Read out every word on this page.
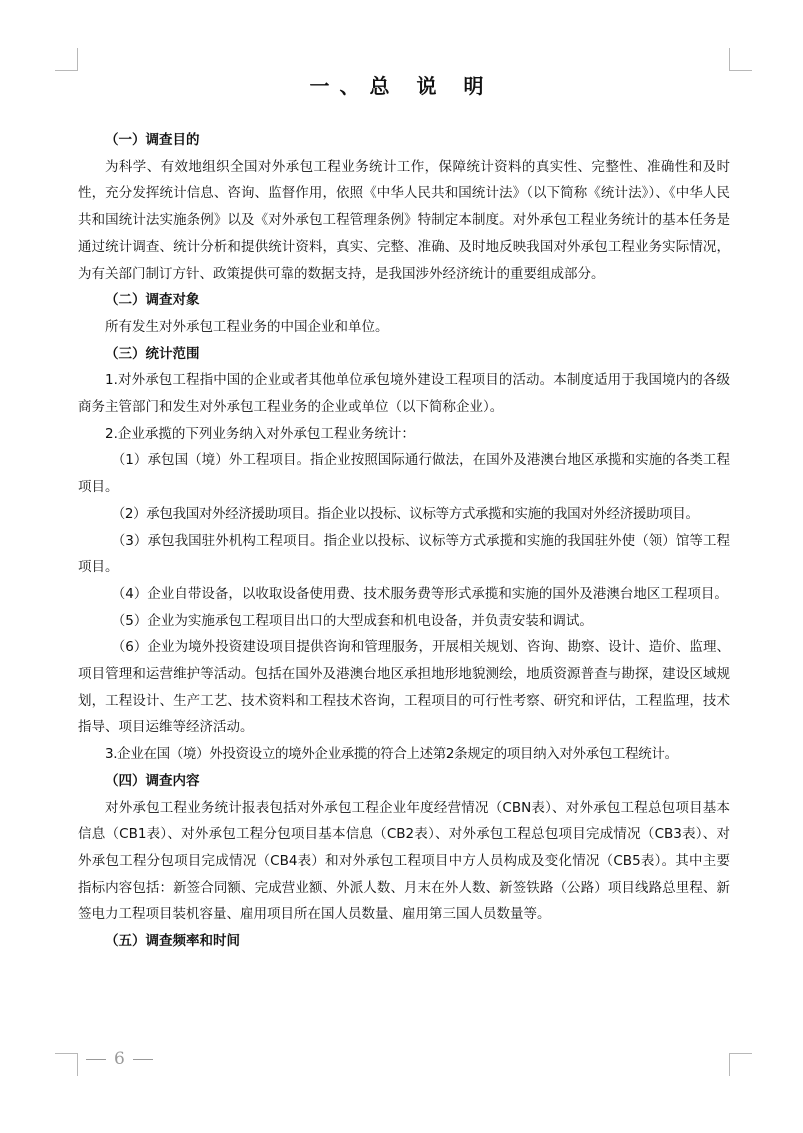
一、总 说 明
（一）调查目的

为科学、有效地组织全国对外承包工程业务统计工作，保障统计资料的真实性、完整性、准确性和及时性，充分发挥统计信息、咨询、监督作用，依照《中华人民共和国统计法》（以下简称《统计法》）、《中华人民共和国统计法实施条例》以及《对外承包工程管理条例》特制定本制度。对外承包工程业务统计的基本任务是通过统计调查、统计分析和提供统计资料，真实、完整、准确、及时地反映我国对外承包工程业务实际情况，为有关部门制订方针、政策提供可靠的数据支持，是我国涉外经济统计的重要组成部分。

（二）调查对象

所有发生对外承包工程业务的中国企业和单位。

（三）统计范围

1.对外承包工程指中国的企业或者其他单位承包境外建设工程项目的活动。本制度适用于我国境内的各级商务主管部门和发生对外承包工程业务的企业或单位（以下简称企业）。

2.企业承揽的下列业务纳入对外承包工程业务统计：

（1）承包国（境）外工程项目。指企业按照国际通行做法，在国外及港澳台地区承揽和实施的各类工程项目。

（2）承包我国对外经济援助项目。指企业以投标、议标等方式承揽和实施的我国对外经济援助项目。

（3）承包我国驻外机构工程项目。指企业以投标、议标等方式承揽和实施的我国驻外使（领）馆等工程项目。

（4）企业自带设备，以收取设备使用费、技术服务费等形式承揽和实施的国外及港澳台地区工程项目。

（5）企业为实施承包工程项目出口的大型成套和机电设备，并负责安装和调试。

（6）企业为境外投资建设项目提供咨询和管理服务，开展相关规划、咨询、勘察、设计、造价、监理、项目管理和运营维护等活动。包括在国外及港澳台地区承担地形地貌测绘，地质资源普查与勘探，建设区域规划，工程设计、生产工艺、技术资料和工程技术咨询，工程项目的可行性考察、研究和评估，工程监理，技术指导、项目运维等经济活动。

3.企业在国（境）外投资设立的境外企业承揽的符合上述第2条规定的项目纳入对外承包工程统计。

（四）调查内容

对外承包工程业务统计报表包括对外承包工程企业年度经营情况（CBN表）、对外承包工程总包项目基本信息（CB1表）、对外承包工程分包项目基本信息（CB2表）、对外承包工程总包项目完成情况（CB3表）、对外承包工程分包项目完成情况（CB4表）和对外承包工程项目中方人员构成及变化情况（CB5表）。其中主要指标内容包括：新签合同额、完成营业额、外派人数、月末在外人数、新签铁路（公路）项目线路总里程、新签电力工程项目装机容量、雇用项目所在国人员数量、雇用第三国人员数量等。

（五）调查频率和时间
6
